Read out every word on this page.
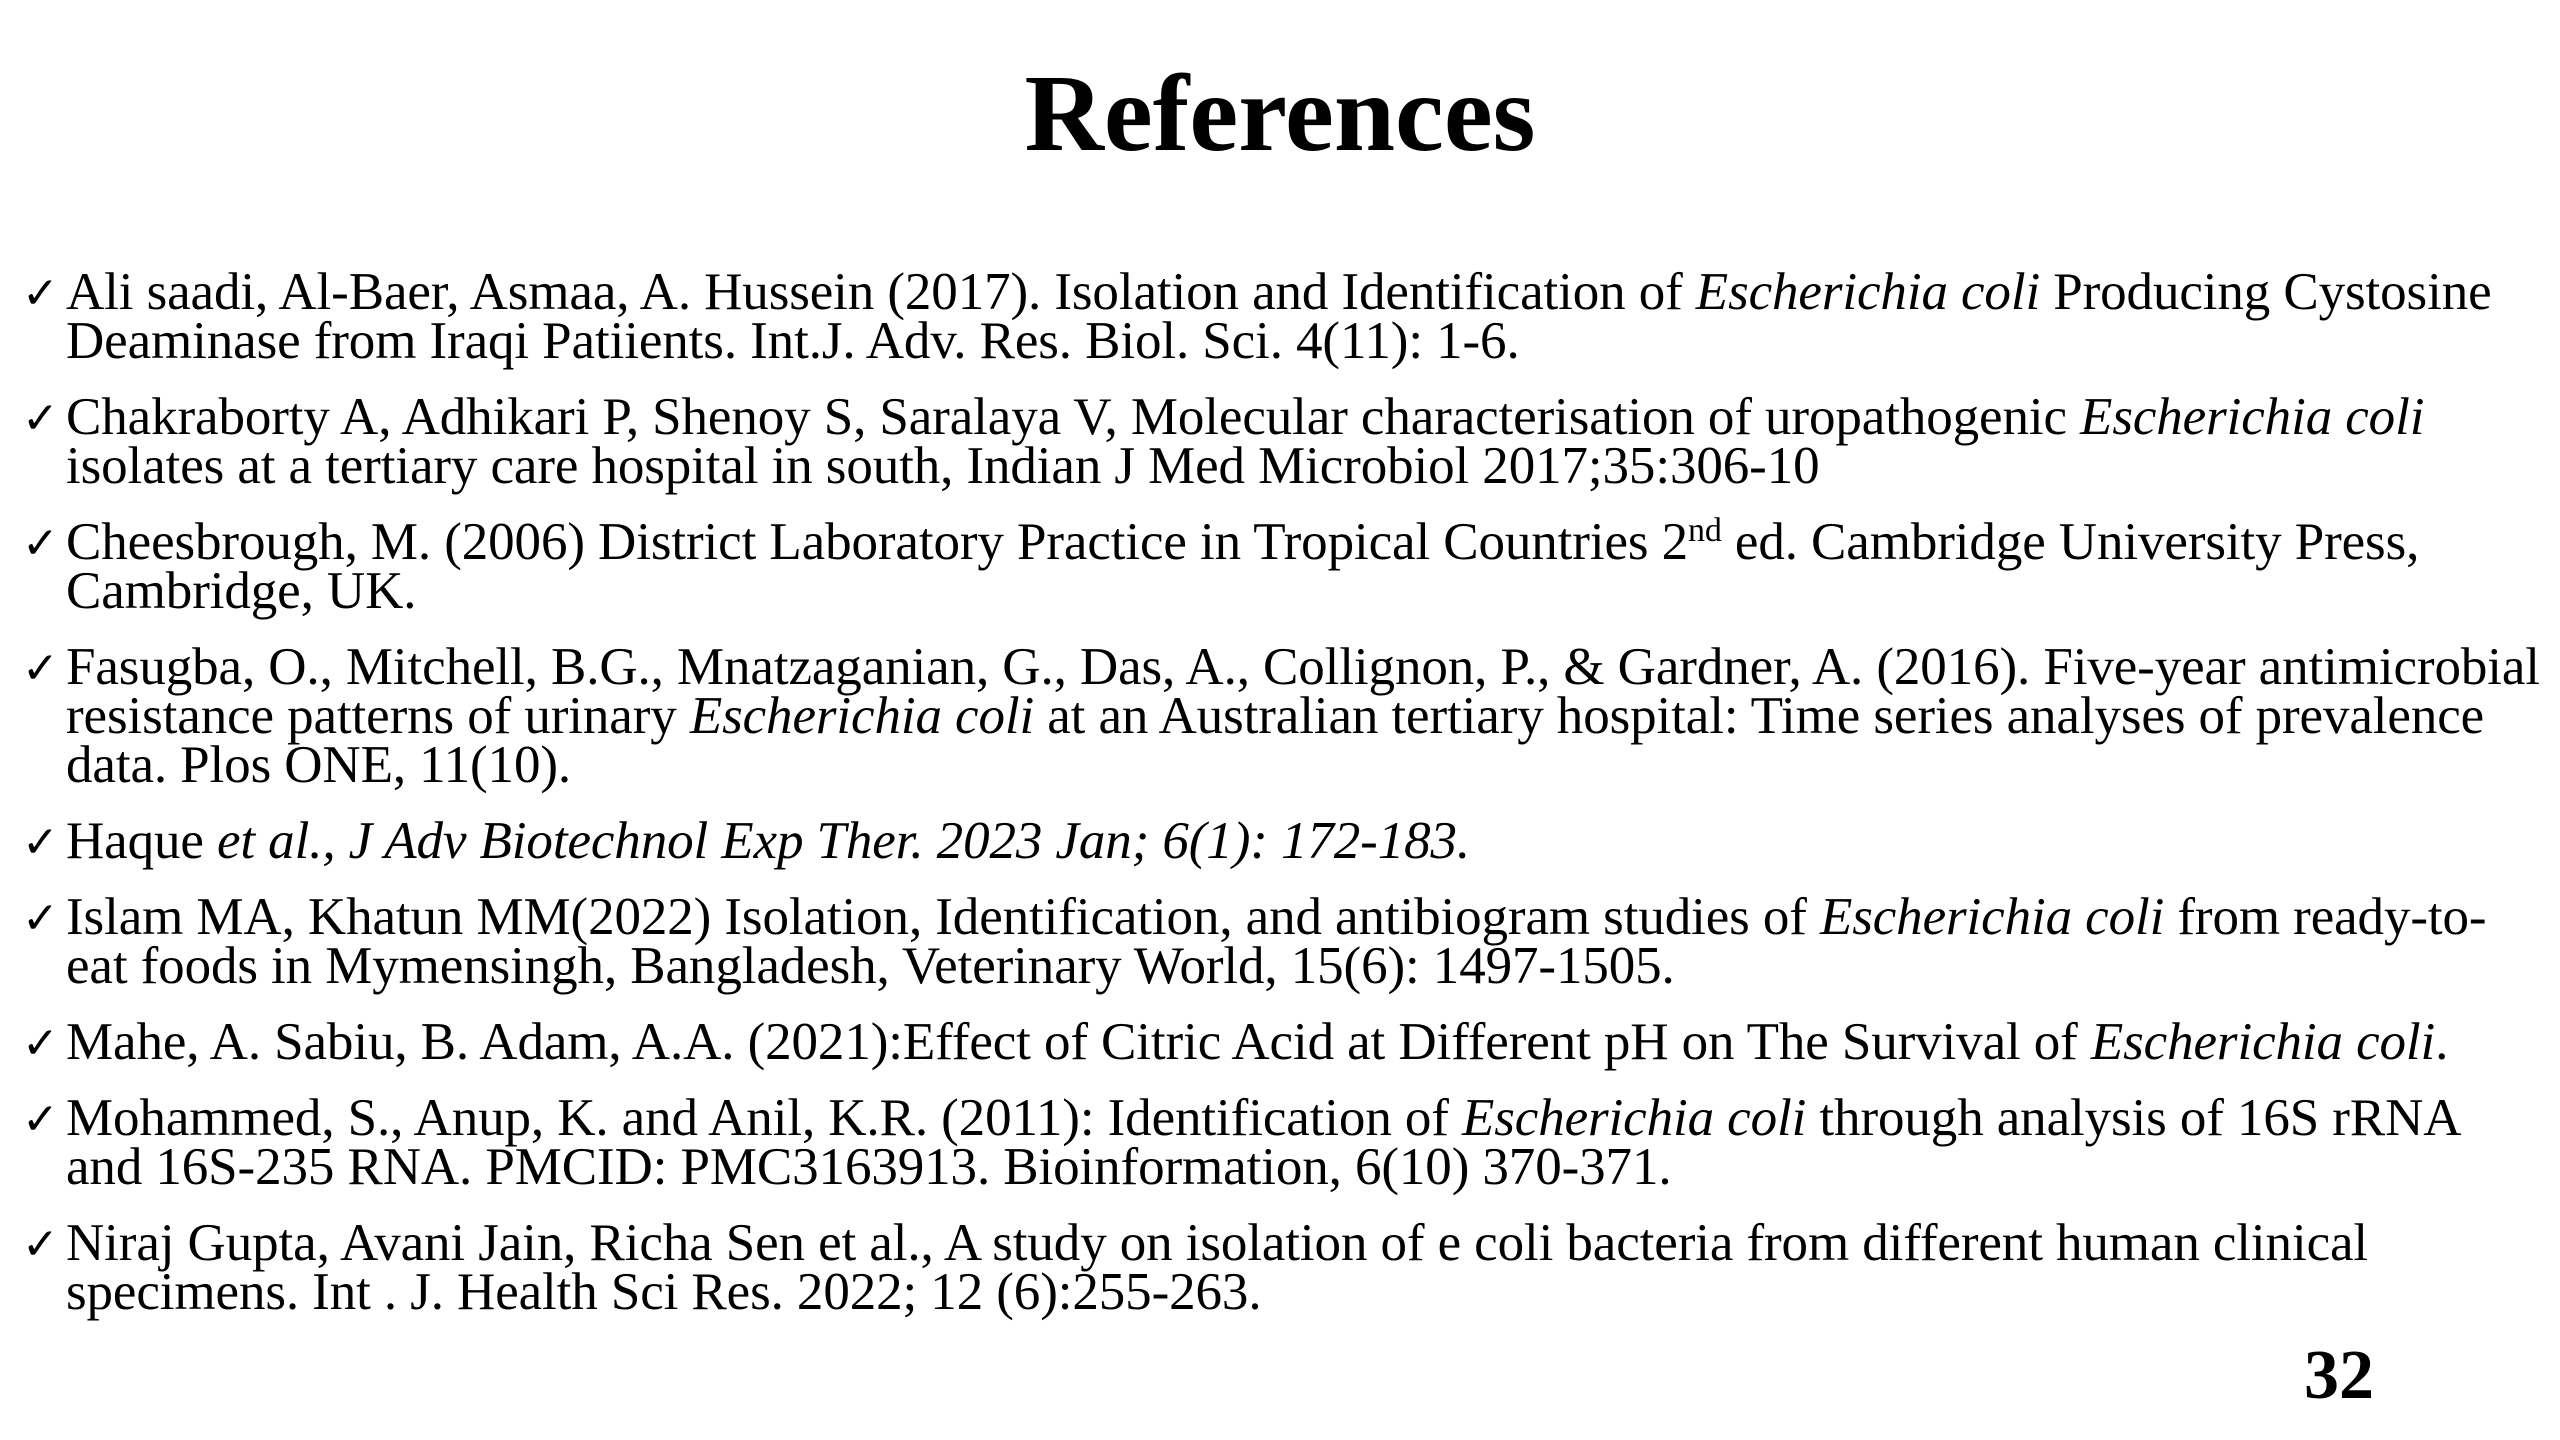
References
✓ Ali saadi, Al-Baer, Asmaa, A. Hussein (2017). Isolation and Identification of Escherichia coli Producing Cystosine Deaminase from Iraqi Patiients. Int.J. Adv. Res. Biol. Sci. 4(11): 1-6.
✓ Chakraborty A, Adhikari P, Shenoy S, Saralaya V, Molecular characterisation of uropathogenic Escherichia coli isolates at a tertiary care hospital in south, Indian J Med Microbiol 2017;35:306-10
✓ Cheesbrough, M. (2006) District Laboratory Practice in Tropical Countries 2nd ed. Cambridge University Press, Cambridge, UK.
✓ Fasugba, O., Mitchell, B.G., Mnatzaganian, G., Das, A., Collignon, P., & Gardner, A. (2016). Five-year antimicrobial resistance patterns of urinary Escherichia coli at an Australian tertiary hospital: Time series analyses of prevalence data. Plos ONE, 11(10).
✓ Haque et al., J Adv Biotechnol Exp Ther. 2023 Jan; 6(1): 172-183.
✓ Islam MA, Khatun MM(2022) Isolation, Identification, and antibiogram studies of Escherichia coli from ready-to-eat foods in Mymensingh, Bangladesh, Veterinary World, 15(6): 1497-1505.
✓ Mahe, A. Sabiu, B. Adam, A.A. (2021):Effect of Citric Acid at Different pH on The Survival of Escherichia coli.
✓ Mohammed, S., Anup, K. and Anil, K.R. (2011): Identification of Escherichia coli through analysis of 16S rRNA and 16S-235 RNA. PMCID: PMC3163913. Bioinformation, 6(10) 370-371.
✓ Niraj Gupta, Avani Jain, Richa Sen et al., A study on isolation of e coli bacteria from different human clinical specimens. Int . J. Health Sci Res. 2022; 12 (6):255-263.
32
